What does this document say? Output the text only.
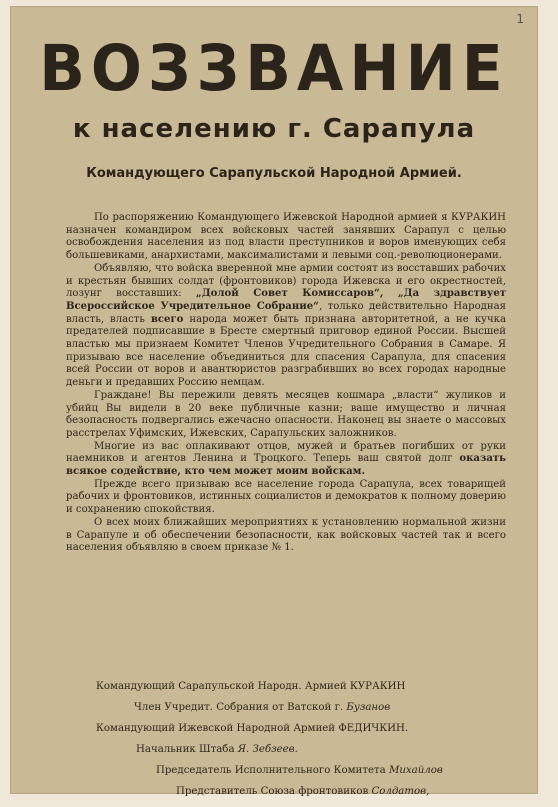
1
ВОЗЗВАНИЕ
к населению г. Сарапула
Командующего Сарапульской Народной Армией.

По распоряжению Командующего Ижевской Народной армией я КУРАКИН назначен командиром всех войсковых частей занявших Сарапул с целью освобождения населения из под власти преступников и воров именующих себя большевиками, анархистами, максималистами и левыми соц.-революционерами.

Объявляю, что войска вверенной мне армии состоят из восставших рабочих и крестьян бывших солдат (фронтовиков) города Ижевска и его окрестностей, лозунг восставших: „Долой Совет Комиссаров“, „Да здравствует Всероссийское Учредительное Собрание“, только действительно Народная власть, власть всего народа может быть признана авторитетной, а не кучка предателей подписавшие в Бресте смертный приговор единой России. Высшей властью мы признаем Комитет Членов Учредительного Собрания в Самаре. Я призываю все население объединиться для спасения Сарапула, для спасения всей России от воров и авантюристов разграбившиx во всех городах народные деньги и предавших Россию немцам.

Граждане! Вы пережили девять месяцев кошмара „власти“ жуликов и убийц Вы видели в 20 веке публичные казни; ваше имущество и личная безопасность подвергались ежечасно опасности. Наконец вы знаете о массовых расстрелах Уфимских, Ижевских, Сарапульских заложников.

Многие из вас оплакивают отцов, мужей и братьев погибших от руки наемников и агентов Ленина и Троцкого. Теперь ваш святой долг оказать всякое содействие, кто чем может моим войскам.

Прежде всего призываю все население города Сарапула, всех товарищей рабочих и фронтовиков, истинных социалистов и демократов к полному доверию и сохранению спокойствия.

О всех моих ближайших мероприятиях к установлению нормальной жизни в Сарапуле и об обеспечении безопасности, как войсковых частей так и всего населения объявляю в своем приказе № 1.

Командующий Сарапульской Народн. Армией КУРАКИН
Член Учредит. Собрания от Ватской г. Бузанов
Командующий Ижевской Народной Армией ФЕДИЧКИН.
Начальник Штаба Я. Зебзеев.
Председатель Исполнительного Комитета Михайлов
Представитель Союза фронтовиков Солдатов,
